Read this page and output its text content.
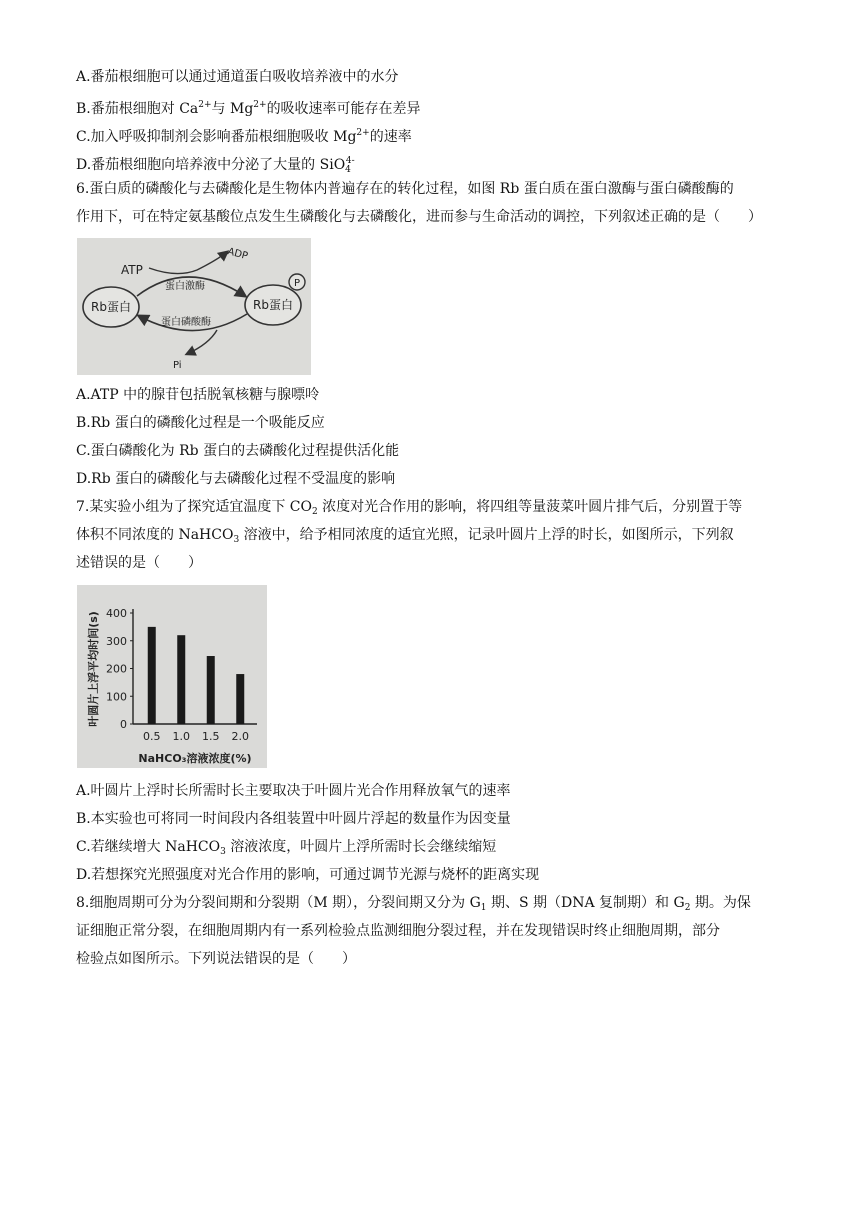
A.番茄根细胞可以通过通道蛋白吸收培养液中的水分
B.番茄根细胞对 $Ca^{2+}$与 $Mg^{2+}$的吸收速率可能存在差异
C.加入呼吸抑制剂会影响番茄根细胞吸收 $Mg^{2+}$的速率
D.番茄根细胞向培养液中分泌了大量的 SiO$_4^{4-}$
6.蛋白质的磷酸化与去磷酸化是生物体内普遍存在的转化过程，如图 Rb 蛋白质在蛋白激酶与蛋白磷酸酶的
作用下，可在特定氨基酸位点发生生磷酸化与去磷酸化，进而参与生命活动的调控，下列叙述正确的是（　　）
Rb蛋白	Rb蛋白
P
ATP
ADP
蛋白激酶
蛋白磷酸酶
Pi
A.ATP 中的腺苷包括脱氧核糖与腺嘌呤
B.Rb 蛋白的磷酸化过程是一个吸能反应
C.蛋白磷酸化为 Rb 蛋白的去磷酸化过程提供活化能
D.Rb 蛋白的磷酸化与去磷酸化过程不受温度的影响
7.某实验小组为了探究适宜温度下 $CO_2$ 浓度对光合作用的影响，将四组等量菠菜叶圆片排气后，分别置于等
体积不同浓度的 NaHCO$_3$ 溶液中，给予相同浓度的适宜光照，记录叶圆片上浮的时长，如图所示，下列叙
述错误的是（　　）
0
100
200
300
400
0.5 1.0 1.5 2.0
NaHCO₃溶液浓度(%)
叶圆片上浮平均时间(s)
A.叶圆片上浮时长所需时长主要取决于叶圆片光合作用释放氧气的速率
B.本实验也可将同一时间段内各组装置中叶圆片浮起的数量作为因变量
C.若继续增大 NaHCO$_3$ 溶液浓度，叶圆片上浮所需时长会继续缩短
D.若想探究光照强度对光合作用的影响，可通过调节光源与烧杯的距离实现
8.细胞周期可分为分裂间期和分裂期（M 期），分裂间期又分为 $G_1$ 期、S 期（DNA 复制期）和 $G_2$ 期。为保
证细胞正常分裂，在细胞周期内有一系列检验点监测细胞分裂过程，并在发现错误时终止细胞周期，部分
检验点如图所示。下列说法错误的是（　　）
